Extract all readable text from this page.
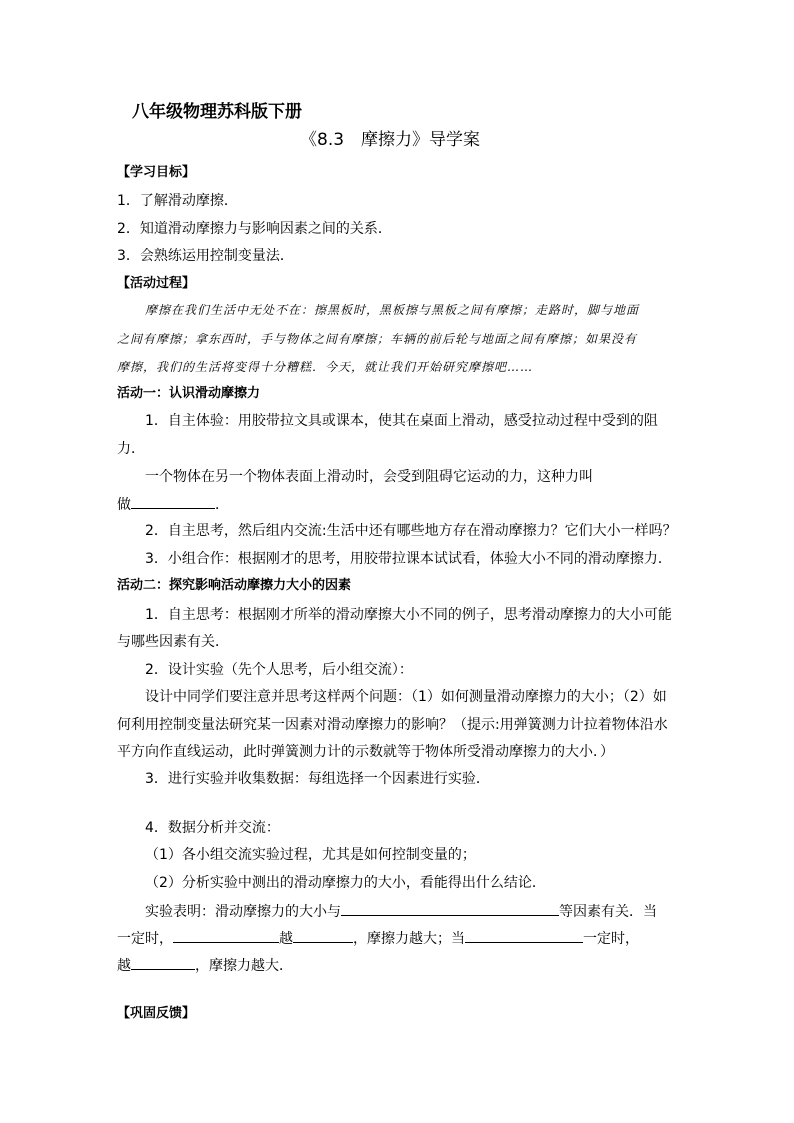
八年级物理苏科版下册
《8.3　摩擦力》导学案
【学习目标】
1．了解滑动摩擦．
2．知道滑动摩擦力与影响因素之间的关系．
3．会熟练运用控制变量法．
【活动过程】
摩擦在我们生活中无处不在：擦黑板时，黑板擦与黑板之间有摩擦；走路时，脚与地面
之间有摩擦；拿东西时，手与物体之间有摩擦；车辆的前后轮与地面之间有摩擦；如果没有
摩擦，我们的生活将变得十分糟糕．今天，就让我们开始研究摩擦吧……
活动一：认识滑动摩擦力
1．自主体验：用胶带拉文具或课本，使其在桌面上滑动，感受拉动过程中受到的阻
力．
一个物体在另一个物体表面上滑动时，会受到阻碍它运动的力，这种力叫
做	．
2．自主思考，然后组内交流:生活中还有哪些地方存在滑动摩擦力？它们大小一样吗？
3．小组合作：根据刚才的思考，用胶带拉课本试试看，体验大小不同的滑动摩擦力．
活动二：探究影响活动摩擦力大小的因素
1．自主思考：根据刚才所举的滑动摩擦大小不同的例子，思考滑动摩擦力的大小可能
与哪些因素有关．
2．设计实验（先个人思考，后小组交流）：
设计中同学们要注意并思考这样两个问题：（1）如何测量滑动摩擦力的大小；（2）如
何利用控制变量法研究某一因素对滑动摩擦力的影响？（提示:用弹簧测力计拉着物体沿水
平方向作直线运动，此时弹簧测力计的示数就等于物体所受滑动摩擦力的大小．）
3．进行实验并收集数据：每组选择一个因素进行实验．
4．数据分析并交流：
（1）各小组交流实验过程，尤其是如何控制变量的；
（2）分析实验中测出的滑动摩擦力的大小，看能得出什么结论．
实验表明：滑动摩擦力的大小与	等因素有关．当
一定时，	越	，摩擦力越大；当	一定时，
越	，摩擦力越大．
【巩固反馈】
